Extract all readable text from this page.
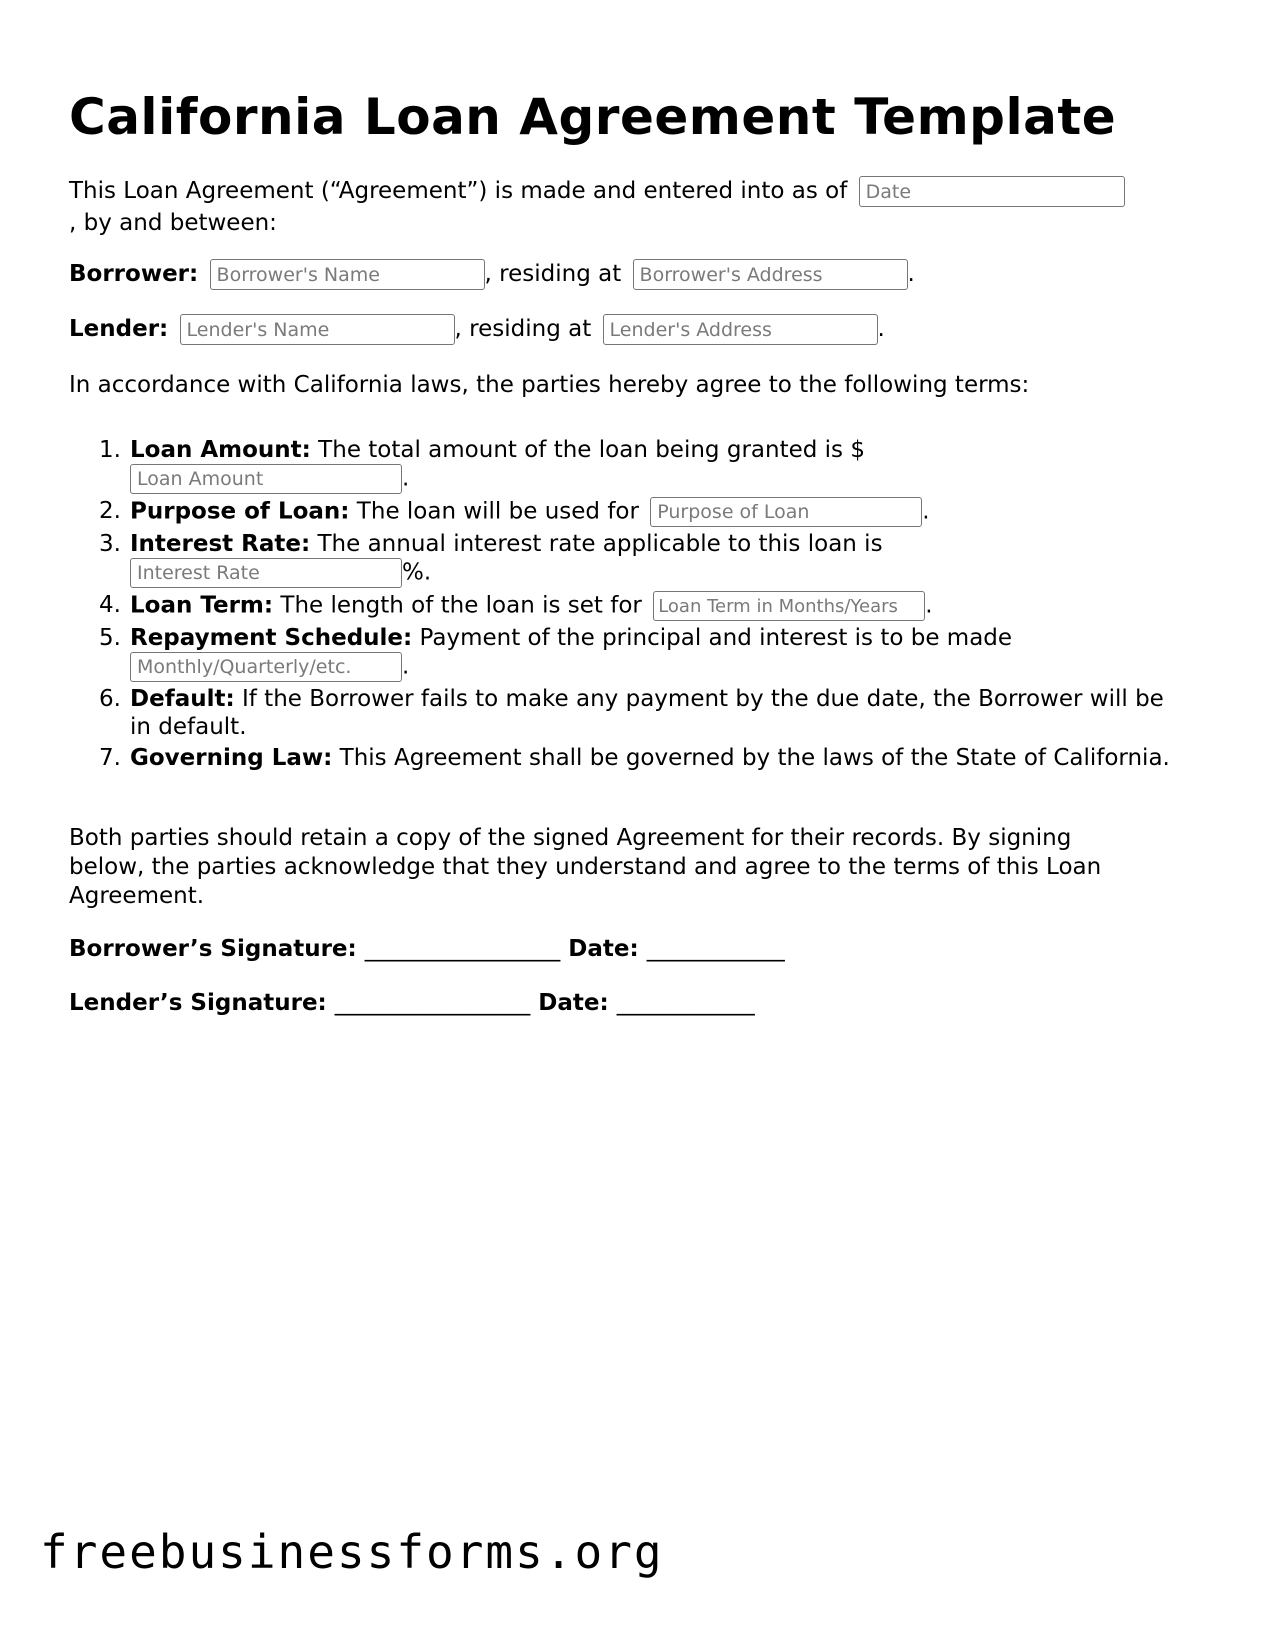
California Loan Agreement Template
This Loan Agreement (“Agreement”) is made and entered into as of Date
, by and between:
Borrower: Borrower's Name	, residing at Borrower's Address	.
Lender: Lender's Name	, residing at Lender's Address	.
In accordance with California laws, the parties hereby agree to the following terms:
1. Loan Amount: The total amount of the loan being granted is $
Loan Amount.
2. Purpose of Loan: The loan will be used for Purpose of Loan	.
3. Interest Rate: The annual interest rate applicable to this loan is
Interest Rate%.
4. Loan Term: The length of the loan is set for Loan Term in Months/Years	.
5. Repayment Schedule: Payment of the principal and interest is to be made
Monthly/Quarterly/etc..
6. Default: If the Borrower fails to make any payment by the due date, the Borrower will be in default.
7. Governing Law: This Agreement shall be governed by the laws of the State of California.
Both parties should retain a copy of the signed Agreement for their records. By signing
below, the parties acknowledge that they understand and agree to the terms of this Loan
Agreement.
Borrower’s Signature: _________________ Date: ____________
Lender’s Signature: _________________ Date: ____________
freebusinessforms.org
